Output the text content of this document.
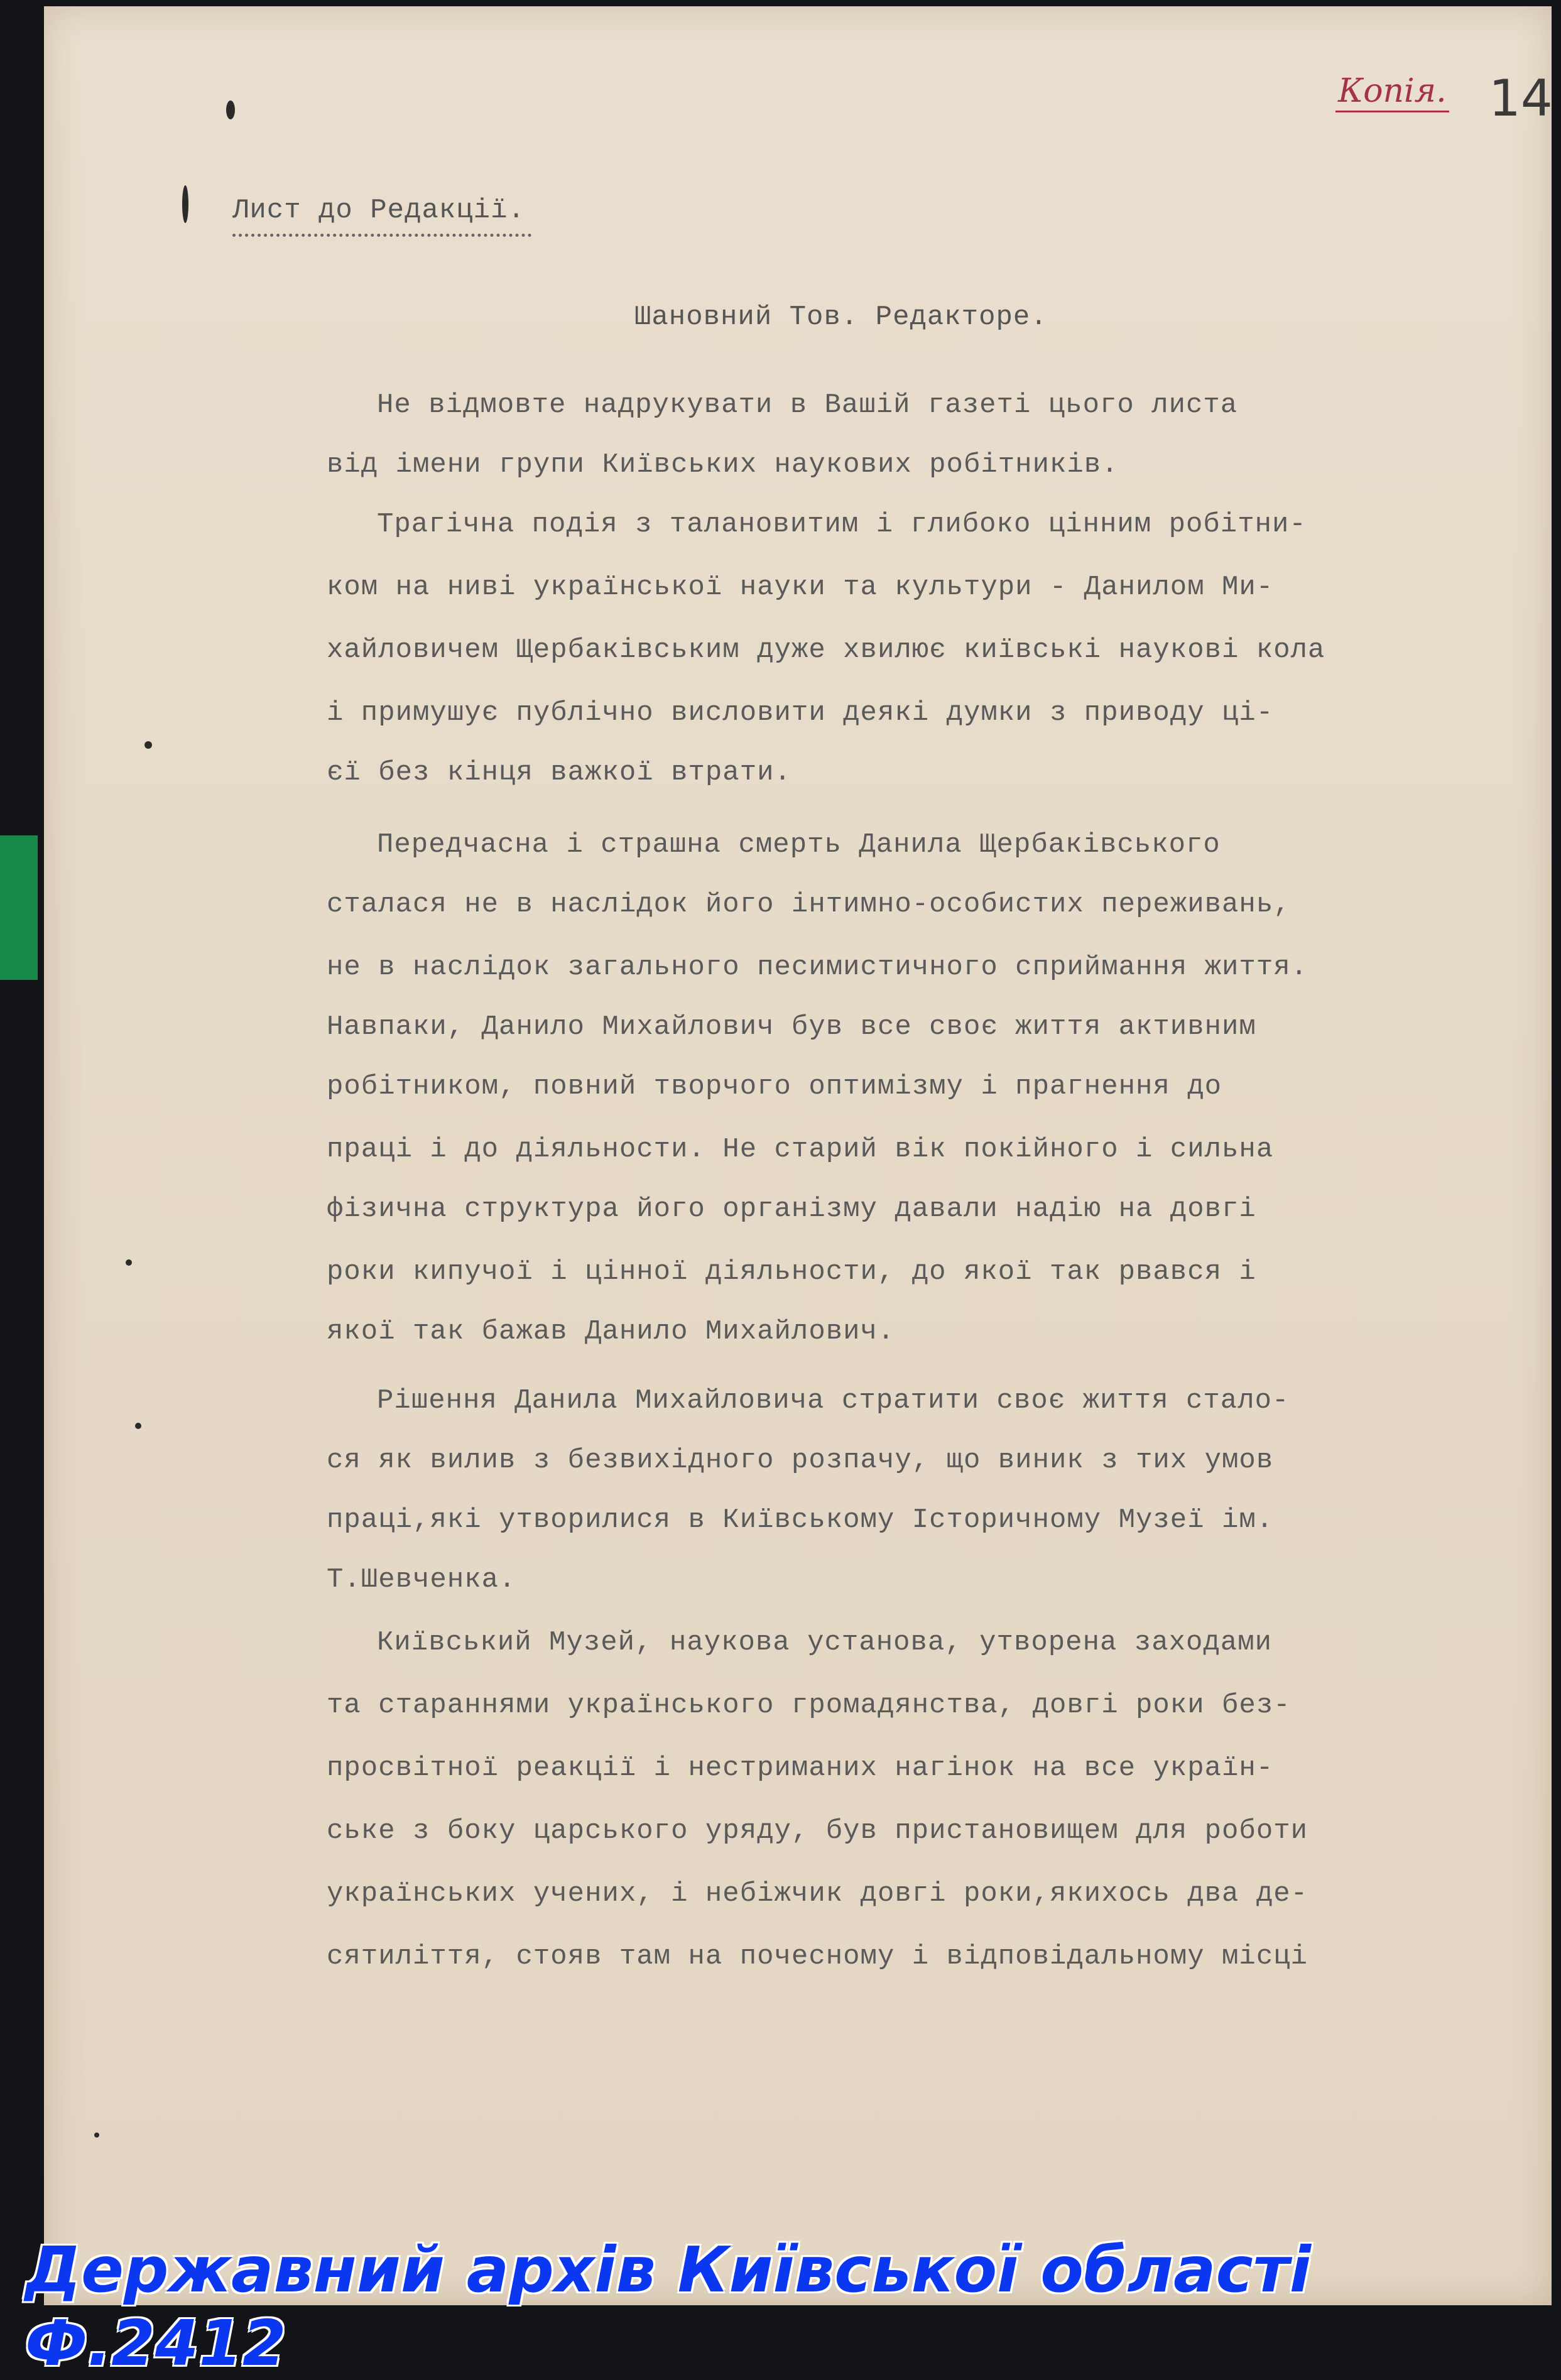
Копія. 14
Лист до Редакції.
Шановний Тов. Редакторе.
Не відмовте надрукувати в Вашій газеті цього листа
від імени групи Київських наукових робітників.
Трагічна подія з талановитим і глибоко цінним робітни-
ком на ниві української науки та культури - Данилом Ми-
хайловичем Щербаківським дуже хвилює київські наукові кола
і примушує публічно висловити деякі думки з приводу ці-
єї без кінця важкої втрати.
Передчасна і страшна смерть Данила Щербаківського
сталася не в наслідок його інтимно-особистих переживань,
не в наслідок загального песимистичного сприймання життя.
Навпаки, Данило Михайлович був все своє життя активним
робітником, повний творчого оптимізму і прагнення до
праці і до діяльности. Не старий вік покійного і сильна
фізична структура його організму давали надію на довгі
роки кипучої і цінної діяльности, до якої так рвався і
якої так бажав Данило Михайлович.
Рішення Данила Михайловича стратити своє життя стало-
ся як вилив з безвихідного розпачу, що виник з тих умов
праці,які утворилися в Київському Історичному Музеї ім.
Т.Шевченка.
Київський Музей, наукова установа, утворена заходами
та стараннями українського громадянства, довгі роки без-
просвітної реакції і нестриманих нагінок на все україн-
ське з боку царського уряду, був пристановищем для роботи
українських учених, і небіжчик довгі роки,якихось два де-
сятиліття, стояв там на почесному і відповідальному місці
Державний архів Київської області Ф.2412
